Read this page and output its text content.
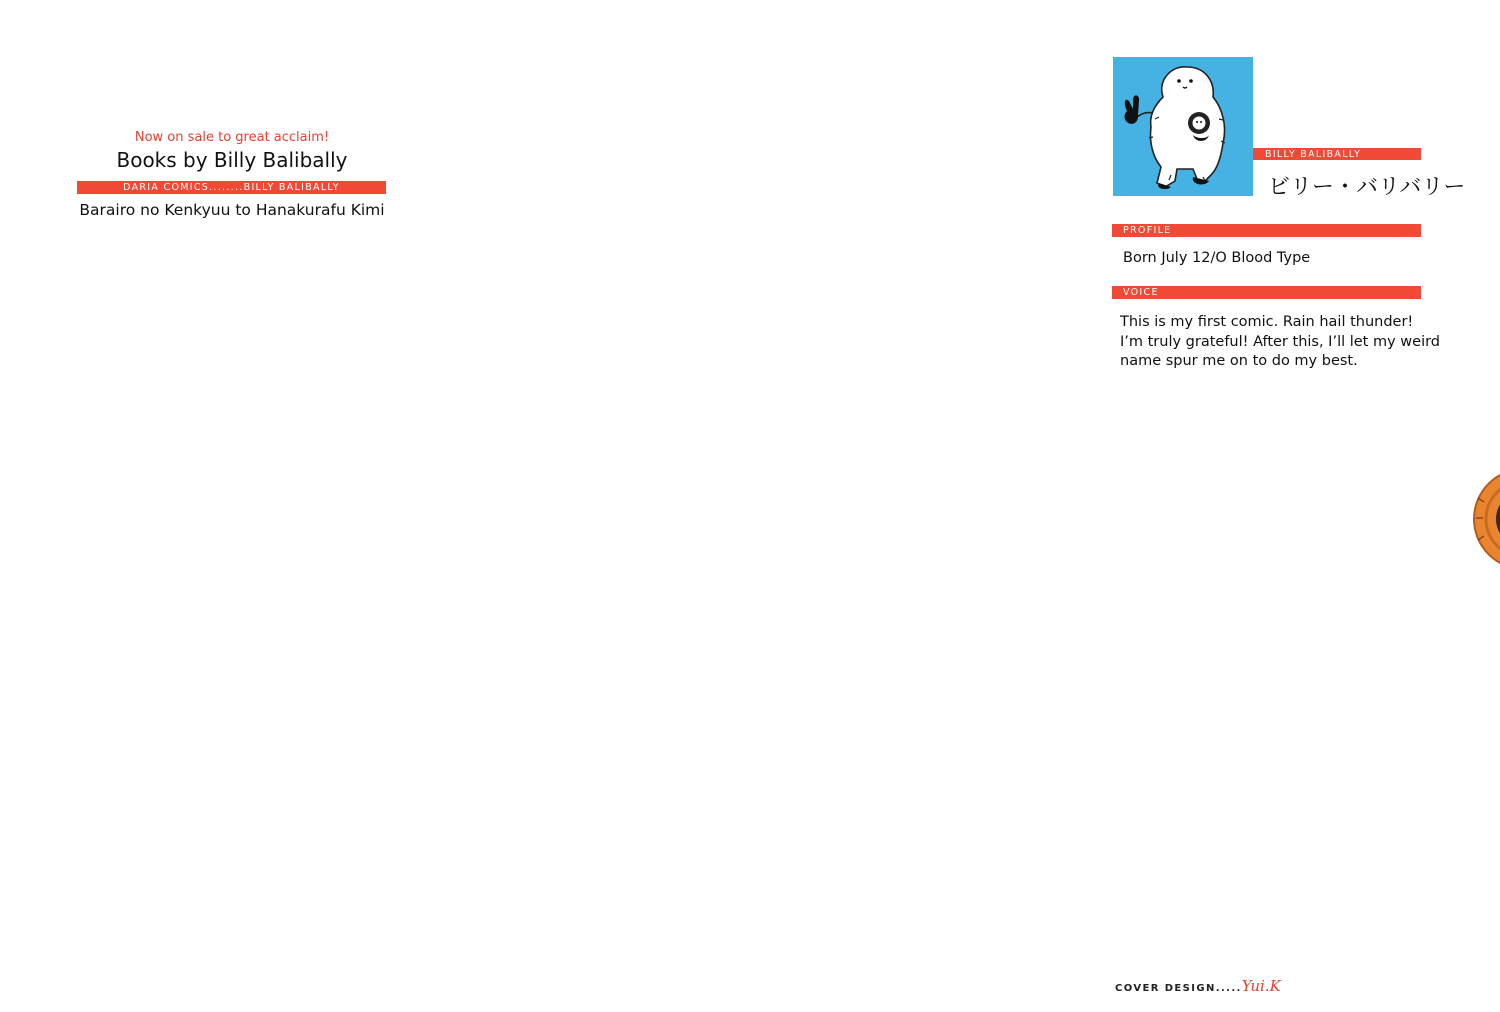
Now on sale to great acclaim!
Books by Billy Balibally
DARIA COMICS........BILLY BALIBALLY
Barairo no Kenkyuu to Hanakurafu Kimi
BILLY BALIBALLY
ビリー・バリバリー
PROFILE
Born July 12/O Blood Type
VOICE
This is my first comic. Rain hail thunder!
I’m truly grateful! After this, I’ll let my weird
name spur me on to do my best.
COVER DESIGN.....Yui.K
